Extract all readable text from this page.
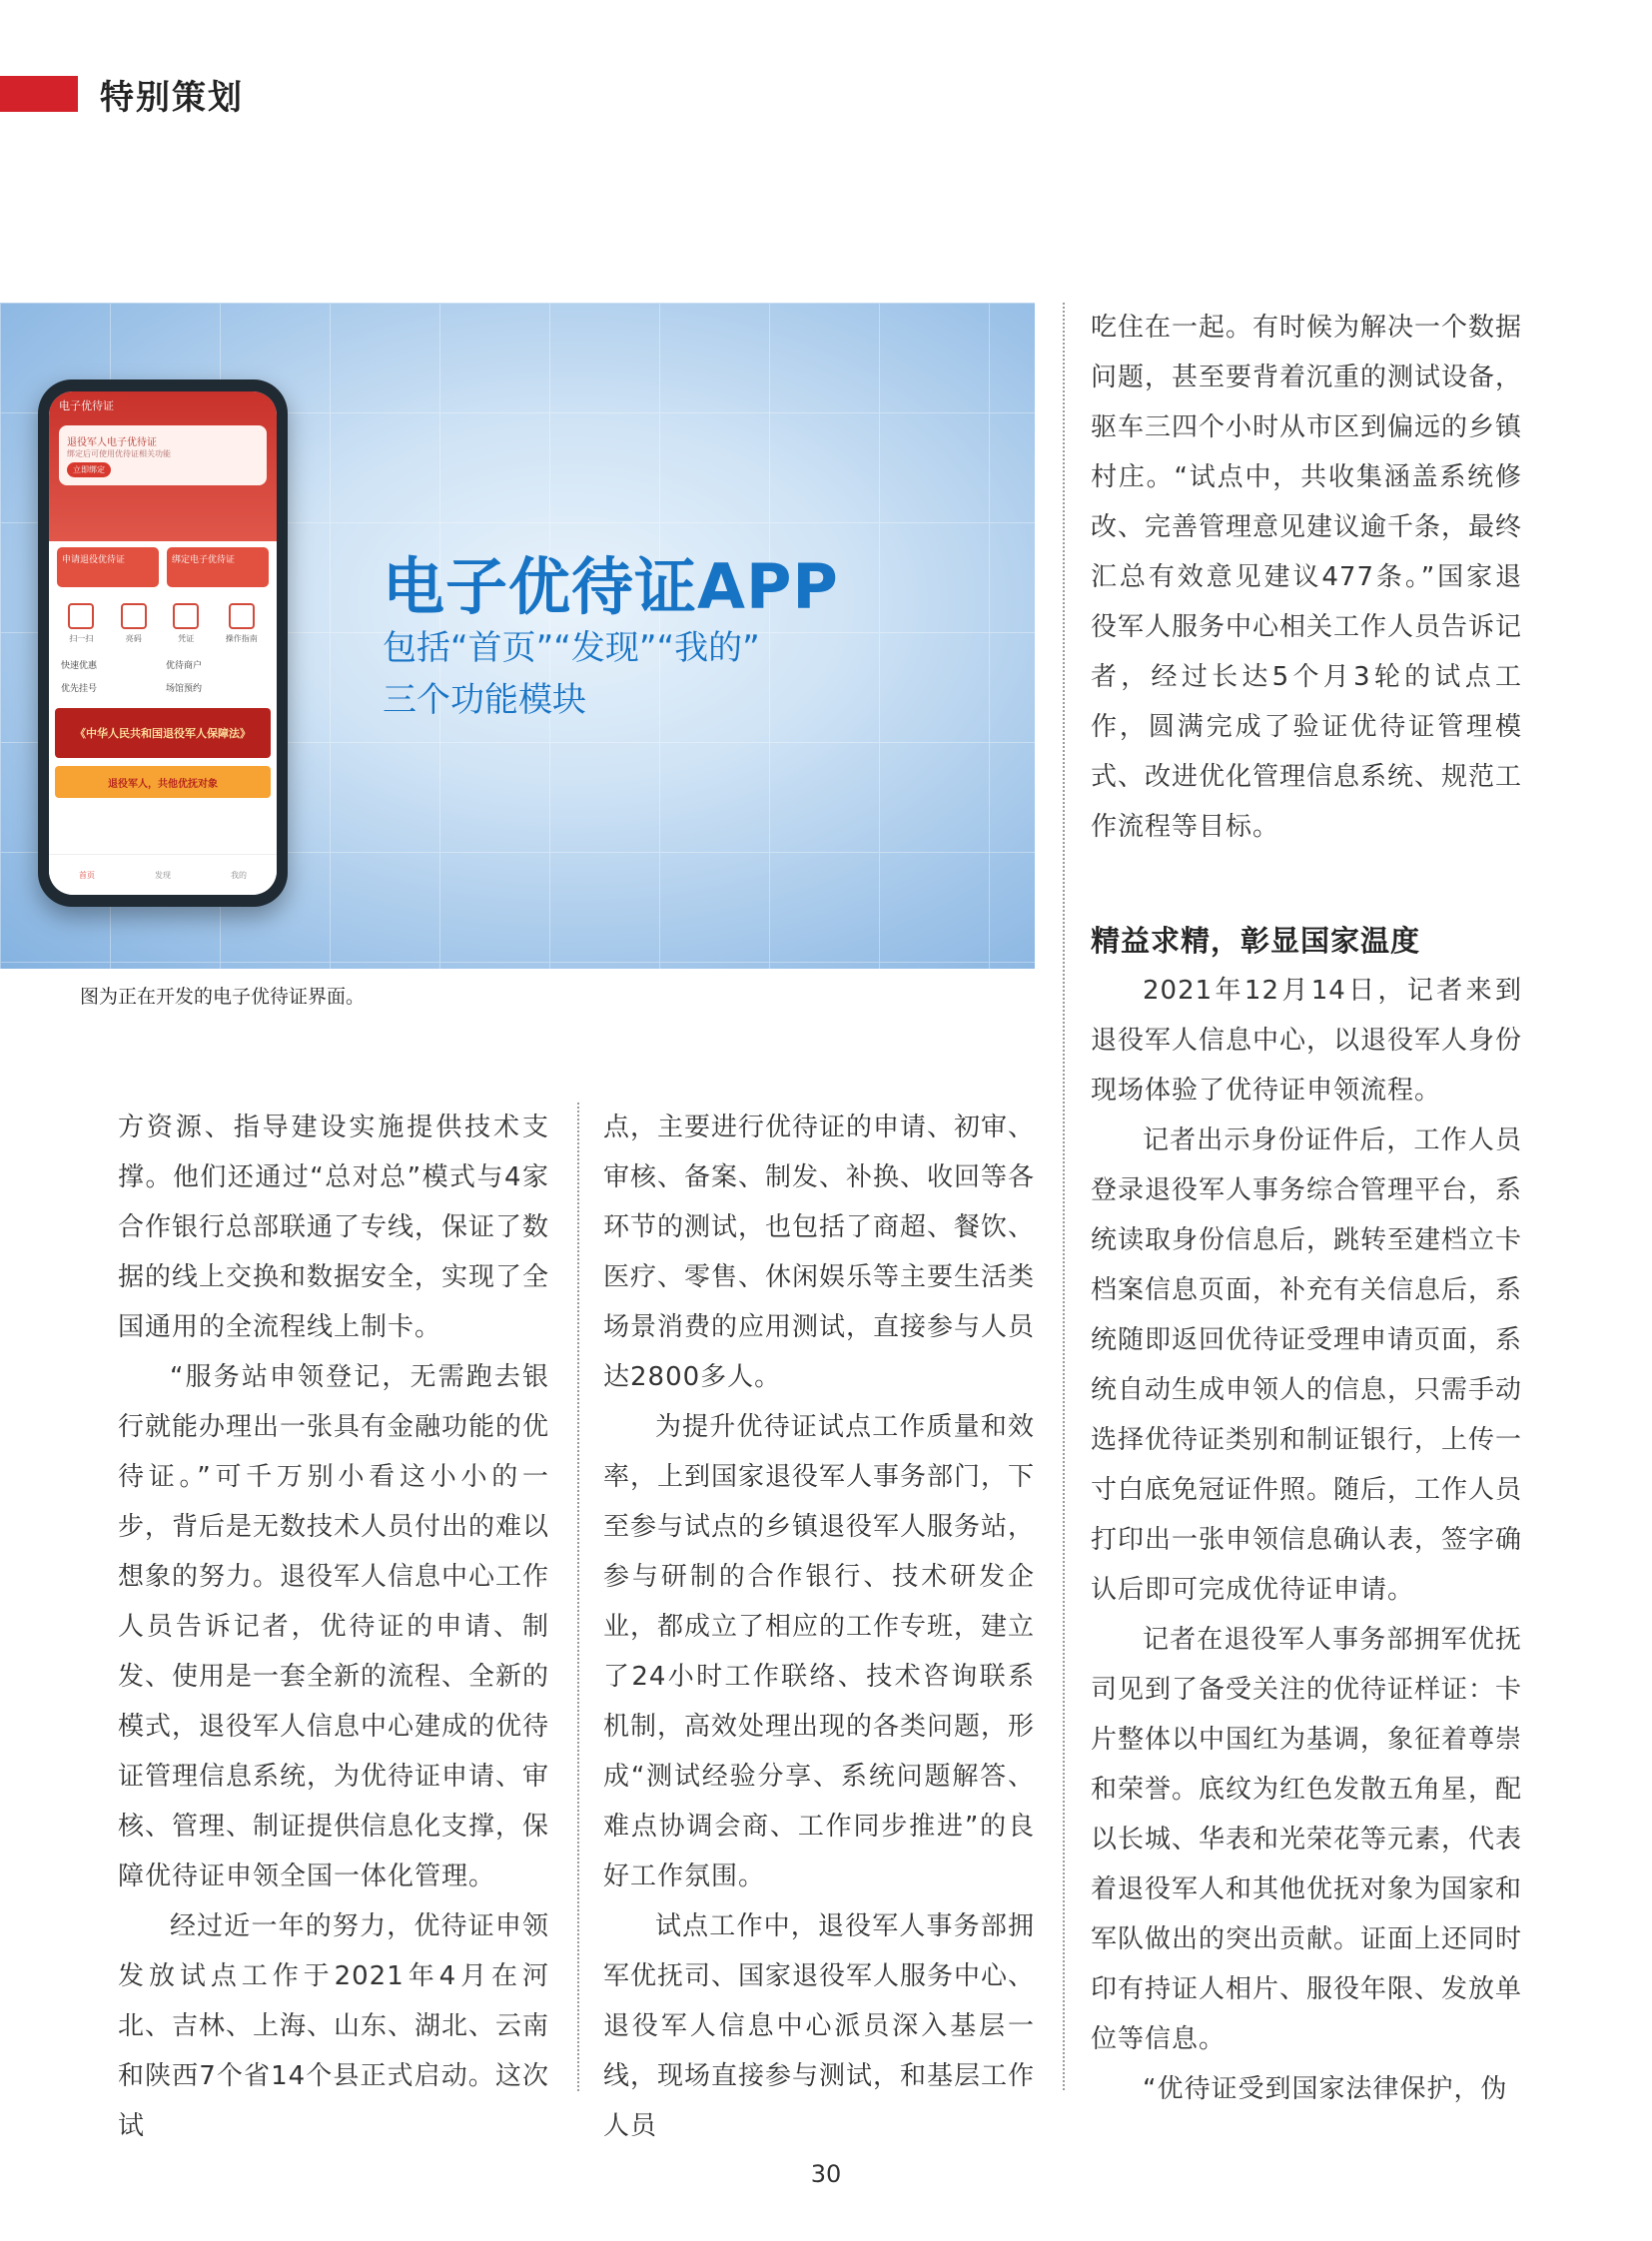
特别策划
电子优待证
退役军人电子优待证
绑定后可使用优待证相关功能
立即绑定
申请退役优待证	绑定电子优待证
扫一扫	亮码	凭证	操作指南
快速优惠	优待商户
优先挂号	场馆预约
《中华人民共和国退役军人保障法》
退役军人，共他优抚对象
首页	发现	我的
电子优待证APP
包括“首页”“发现”“我的”
三个功能模块
图为正在开发的电子优待证界面。

方资源、指导建设实施提供技术支撑。他们还通过“总对总”模式与4家合作银行总部联通了专线，保证了数据的线上交换和数据安全，实现了全国通用的全流程线上制卡。

“服务站申领登记，无需跑去银行就能办理出一张具有金融功能的优待证。”可千万别小看这小小的一步，背后是无数技术人员付出的难以想象的努力。退役军人信息中心工作人员告诉记者，优待证的申请、制发、使用是一套全新的流程、全新的模式，退役军人信息中心建成的优待证管理信息系统，为优待证申请、审核、管理、制证提供信息化支撑，保障优待证申领全国一体化管理。

经过近一年的努力，优待证申领发放试点工作于2021年4月在河北、吉林、上海、山东、湖北、云南和陕西7个省14个县正式启动。这次试

点，主要进行优待证的申请、初审、审核、备案、制发、补换、收回等各环节的测试，也包括了商超、餐饮、医疗、零售、休闲娱乐等主要生活类场景消费的应用测试，直接参与人员达2800多人。

为提升优待证试点工作质量和效率，上到国家退役军人事务部门，下至参与试点的乡镇退役军人服务站，参与研制的合作银行、技术研发企业，都成立了相应的工作专班，建立了24小时工作联络、技术咨询联系机制，高效处理出现的各类问题，形成“测试经验分享、系统问题解答、难点协调会商、工作同步推进”的良好工作氛围。

试点工作中，退役军人事务部拥军优抚司、国家退役军人服务中心、退役军人信息中心派员深入基层一线，现场直接参与测试，和基层工作人员

吃住在一起。有时候为解决一个数据问题，甚至要背着沉重的测试设备，驱车三四个小时从市区到偏远的乡镇村庄。“试点中，共收集涵盖系统修改、完善管理意见建议逾千条，最终汇总有效意见建议477条。”国家退役军人服务中心相关工作人员告诉记者，经过长达5个月3轮的试点工作，圆满完成了验证优待证管理模式、改进优化管理信息系统、规范工作流程等目标。

精益求精，彰显国家温度

2021年12月14日，记者来到退役军人信息中心，以退役军人身份现场体验了优待证申领流程。

记者出示身份证件后，工作人员登录退役军人事务综合管理平台，系统读取身份信息后，跳转至建档立卡档案信息页面，补充有关信息后，系统随即返回优待证受理申请页面，系统自动生成申领人的信息，只需手动选择优待证类别和制证银行，上传一寸白底免冠证件照。随后，工作人员打印出一张申领信息确认表，签字确认后即可完成优待证申请。

记者在退役军人事务部拥军优抚司见到了备受关注的优待证样证：卡片整体以中国红为基调，象征着尊崇和荣誉。底纹为红色发散五角星，配以长城、华表和光荣花等元素，代表着退役军人和其他优抚对象为国家和军队做出的突出贡献。证面上还同时印有持证人相片、服役年限、发放单位等信息。

“优待证受到国家法律保护，伪

30
